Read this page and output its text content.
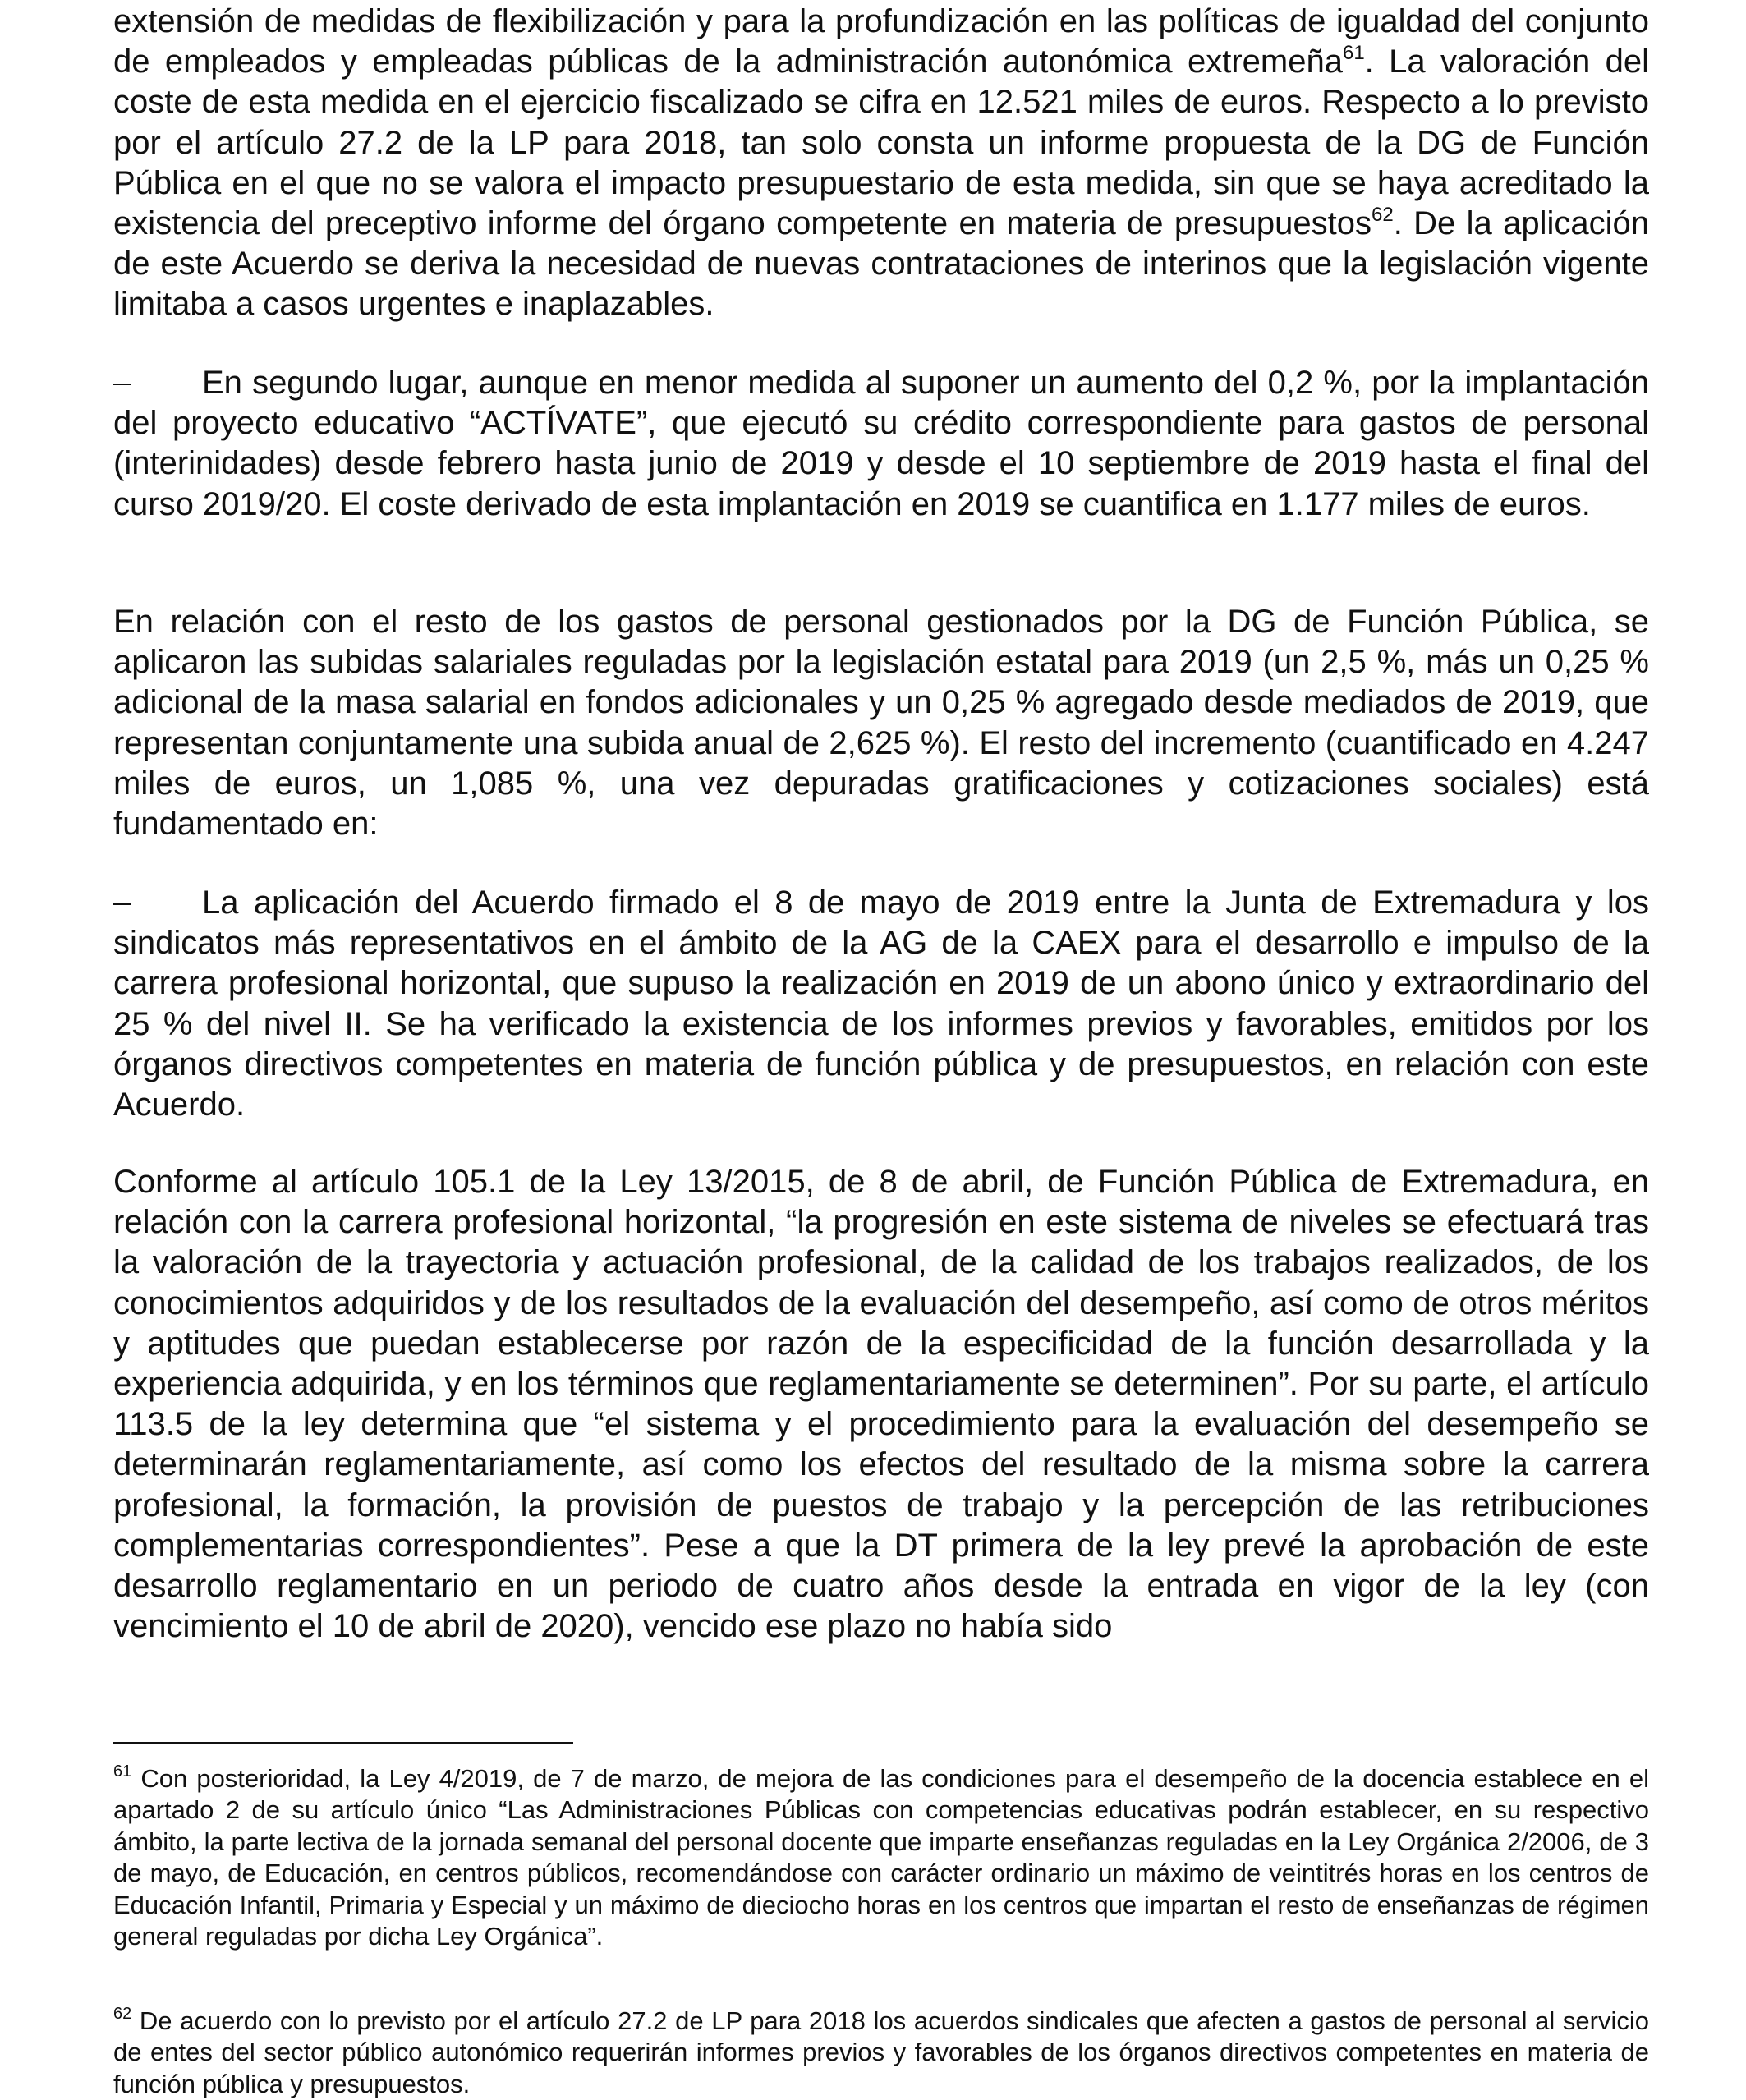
extensión de medidas de flexibilización y para la profundización en las políticas de igualdad del conjunto de empleados y empleadas públicas de la administración autonómica extremeña$^{61}$. La valoración del coste de esta medida en el ejercicio fiscalizado se cifra en 12.521 miles de euros. Respecto a lo previsto por el artículo 27.2 de la LP para 2018, tan solo consta un informe propuesta de la DG de Función Pública en el que no se valora el impacto presupuestario de esta medida, sin que se haya acreditado la existencia del preceptivo informe del órgano competente en materia de presupuestos$^{62}$. De la aplicación de este Acuerdo se deriva la necesidad de nuevas contrataciones de interinos que la legislación vigente limitaba a casos urgentes e inaplazables.

En segundo lugar, aunque en menor medida al suponer un aumento del 0,2 %, por la implantación del proyecto educativo “ACTÍVATE”, que ejecutó su crédito correspondiente para gastos de personal (interinidades) desde febrero hasta junio de 2019 y desde el 10 septiembre de 2019 hasta el final del curso 2019/20. El coste derivado de esta implantación en 2019 se cuantifica en 1.177 miles de euros.

En relación con el resto de los gastos de personal gestionados por la DG de Función Pública, se aplicaron las subidas salariales reguladas por la legislación estatal para 2019 (un 2,5 %, más un 0,25 % adicional de la masa salarial en fondos adicionales y un 0,25 % agregado desde mediados de 2019, que representan conjuntamente una subida anual de 2,625 %). El resto del incremento (cuantificado en 4.247 miles de euros, un 1,085 %, una vez depuradas gratificaciones y cotizaciones sociales) está fundamentado en:

La aplicación del Acuerdo firmado el 8 de mayo de 2019 entre la Junta de Extremadura y los sindicatos más representativos en el ámbito de la AG de la CAEX para el desarrollo e impulso de la carrera profesional horizontal, que supuso la realización en 2019 de un abono único y extraordinario del 25 % del nivel II. Se ha verificado la existencia de los informes previos y favorables, emitidos por los órganos directivos competentes en materia de función pública y de presupuestos, en relación con este Acuerdo.

Conforme al artículo 105.1 de la Ley 13/2015, de 8 de abril, de Función Pública de Extremadura, en relación con la carrera profesional horizontal, “la progresión en este sistema de niveles se efectuará tras la valoración de la trayectoria y actuación profesional, de la calidad de los trabajos realizados, de los conocimientos adquiridos y de los resultados de la evaluación del desempeño, así como de otros méritos y aptitudes que puedan establecerse por razón de la especificidad de la función desarrollada y la experiencia adquirida, y en los términos que reglamentariamente se determinen”. Por su parte, el artículo 113.5 de la ley determina que “el sistema y el procedimiento para la evaluación del desempeño se determinarán reglamentariamente, así como los efectos del resultado de la misma sobre la carrera profesional, la formación, la provisión de puestos de trabajo y la percepción de las retribuciones complementarias correspondientes”. Pese a que la DT primera de la ley prevé la aprobación de este desarrollo reglamentario en un periodo de cuatro años desde la entrada en vigor de la ley (con vencimiento el 10 de abril de 2020), vencido ese plazo no había sido

$^{61}$ Con posterioridad, la Ley 4/2019, de 7 de marzo, de mejora de las condiciones para el desempeño de la docencia establece en el apartado 2 de su artículo único “Las Administraciones Públicas con competencias educativas podrán establecer, en su respectivo ámbito, la parte lectiva de la jornada semanal del personal docente que imparte enseñanzas reguladas en la Ley Orgánica 2/2006, de 3 de mayo, de Educación, en centros públicos, recomendándose con carácter ordinario un máximo de veintitrés horas en los centros de Educación Infantil, Primaria y Especial y un máximo de dieciocho horas en los centros que impartan el resto de enseñanzas de régimen general reguladas por dicha Ley Orgánica”.

$^{62}$ De acuerdo con lo previsto por el artículo 27.2 de LP para 2018 los acuerdos sindicales que afecten a gastos de personal al servicio de entes del sector público autonómico requerirán informes previos y favorables de los órganos directivos competentes en materia de función pública y presupuestos.
